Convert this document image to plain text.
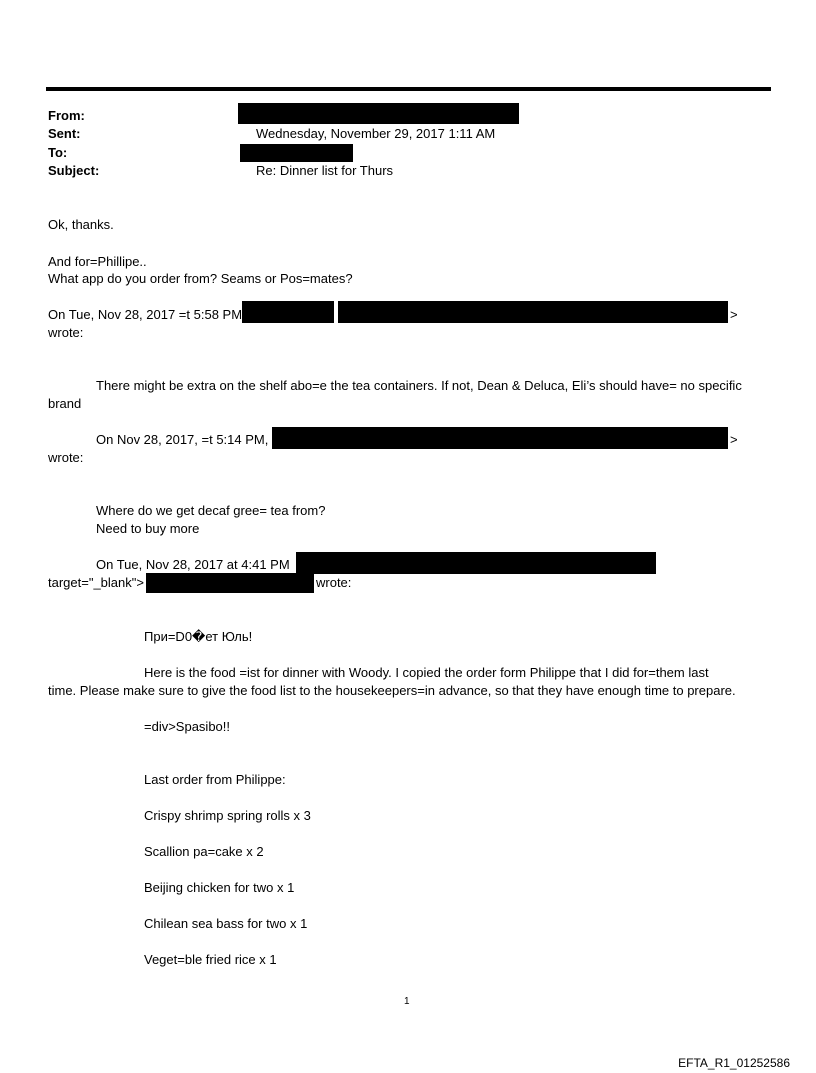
From:
Sent:	Wednesday, November 29, 2017 1:11 AM
To:
Subject:	Re: Dinner list for Thurs
Ok, thanks.
And for=Phillipe..
What app do you order from? Seams or Pos=mates?
On Tue, Nov 28, 2017 =t 5:58 PM	>
wrote:
There might be extra on the shelf abo=e the tea containers. If not, Dean & Deluca, Eli’s should have= no specific
brand
On Nov 28, 2017, =t 5:14 PM,	>
wrote:
Where do we get decaf gree= tea from?
Need to buy more
On Tue, Nov 28, 2017 at 4:41 PM
target="_blank">	wrote:
При=D0�ет Юль!
Here is the food =ist for dinner with Woody. I copied the order form Philippe that I did for=them last
time. Please make sure to give the food list to the housekeepers=in advance, so that they have enough time to prepare.
=div>Spasibo!!
Last order from Philippe:
Crispy shrimp spring rolls x 3
Scallion pa=cake x 2
Beijing chicken for two x 1
Chilean sea bass for two x 1
Veget=ble fried rice x 1
1
EFTA_R1_01252586
